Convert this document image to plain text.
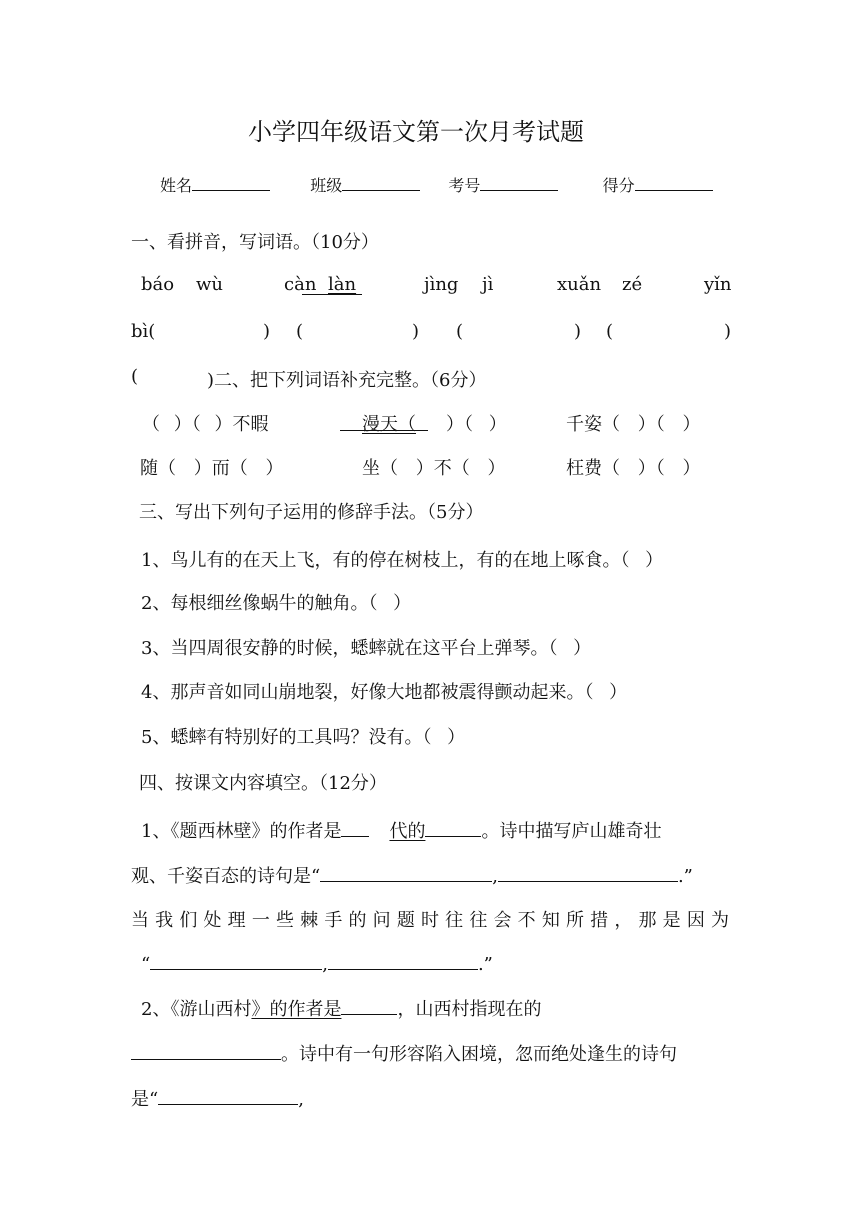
小学四年级语文第一次月考试题
姓名	班级	考号	得分
一、看拼音，写词语。（10分）
báo wù	càn làn	jìng jì	xuǎn zé	yǐn
bì(	) (	) (	) (	)
(	)二、把下列词语补充完整。（6分）
（ ）（ ）不暇	漫天（ ）（ ）	千姿（ ）（ ）
随（ ）而（ ）	坐（ ）不（ ）	枉费（ ）（ ）
三、写出下列句子运用的修辞手法。（5分）
1、鸟儿有的在天上飞，有的停在树枝上，有的在地上啄食。（ ）
2、每根细丝像蜗牛的触角。（ ）
3、当四周很安静的时候，蟋蟀就在这平台上弹琴。（ ）
4、那声音如同山崩地裂，好像大地都被震得颤动起来。（ ）
5、蟋蟀有特别好的工具吗？没有。（ ）
四、按课文内容填空。（12分）
1、《题西林壁》的作者是	代的	。诗中描写庐山雄奇壮
观、千姿百态的诗句是“	,	.”
当我们处理一些棘手的问题时往往会不知所措，那是因为
“	,	.”
2、《游山西村》的作者是	，山西村指现在的
。诗中有一句形容陷入困境，忽而绝处逢生的诗句
是“	,
